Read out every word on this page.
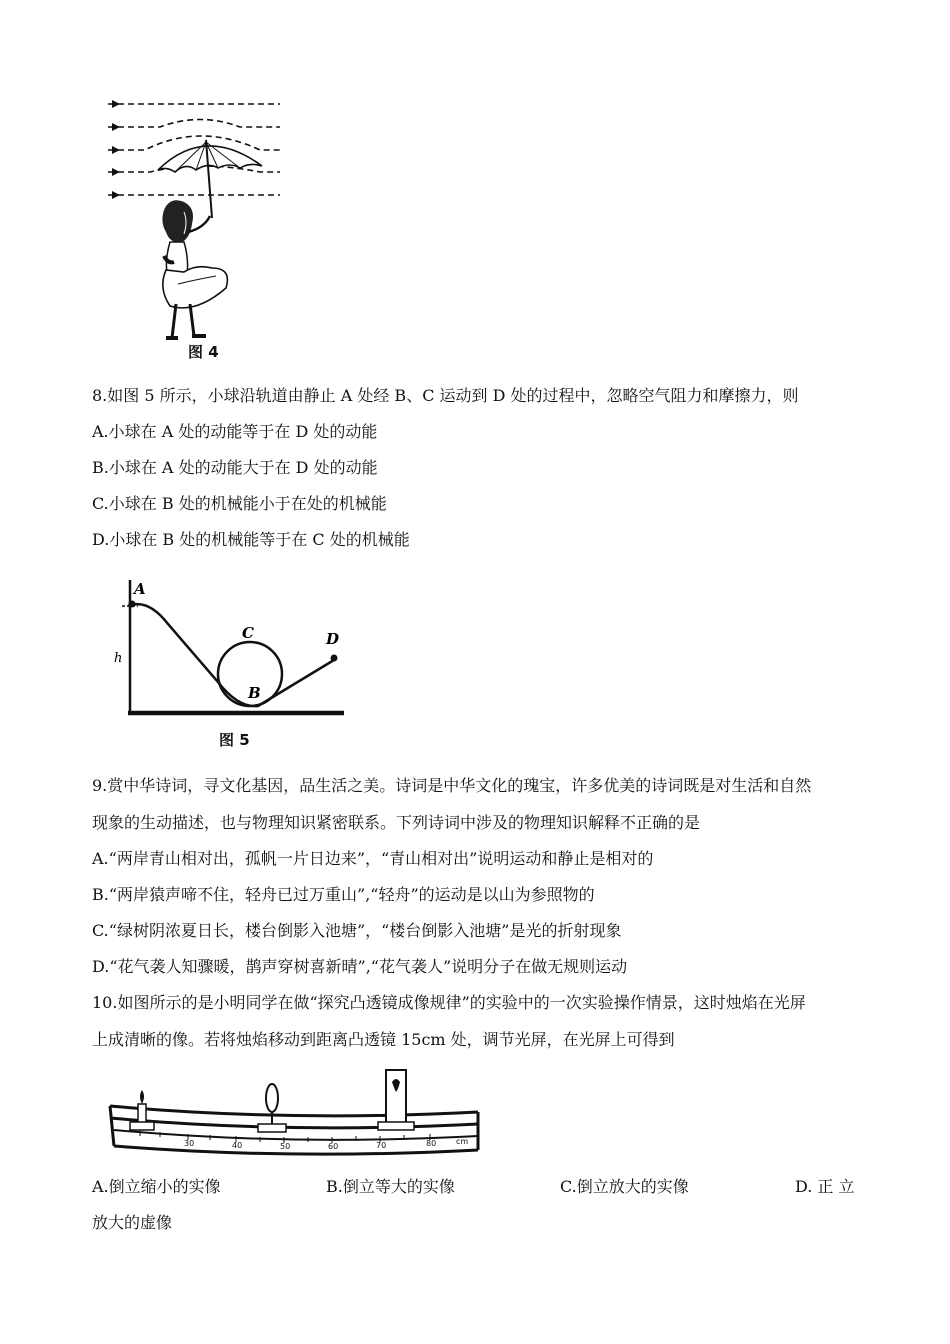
图 4
8.如图 5 所示，小球沿轨道由静止 A 处经 B、C 运动到 D 处的过程中，忽略空气阻力和摩擦力，则
A.小球在 A 处的动能等于在 D 处的动能
B.小球在 A 处的动能大于在 D 处的动能
C.小球在 B 处的机械能小于在处的机械能
D.小球在 B 处的机械能等于在 C 处的机械能
A
h
C
B
D
图 5
9.赏中华诗词，寻文化基因，品生活之美。诗词是中华文化的瑰宝，许多优美的诗词既是对生活和自然
现象的生动描述，也与物理知识紧密联系。下列诗词中涉及的物理知识解释不正确的是
A.“两岸青山相对出，孤帆一片日边来”，“青山相对出”说明运动和静止是相对的
B.“两岸猿声啼不住，轻舟已过万重山”,“轻舟”的运动是以山为参照物的
C.“绿树阴浓夏日长，楼台倒影入池塘”，“楼台倒影入池塘”是光的折射现象
D.“花气袭人知骤暖，鹊声穿树喜新晴”,“花气袭人”说明分子在做无规则运动
10.如图所示的是小明同学在做“探究凸透镜成像规律”的实验中的一次实验操作情景，这时烛焰在光屏
上成清晰的像。若将烛焰移动到距离凸透镜 15cm 处，调节光屏，在光屏上可得到
30	40	50	60	70	80 cm
A.倒立缩小的实像	B.倒立等大的实像	C.倒立放大的实像	D. 正 立
放大的虚像
